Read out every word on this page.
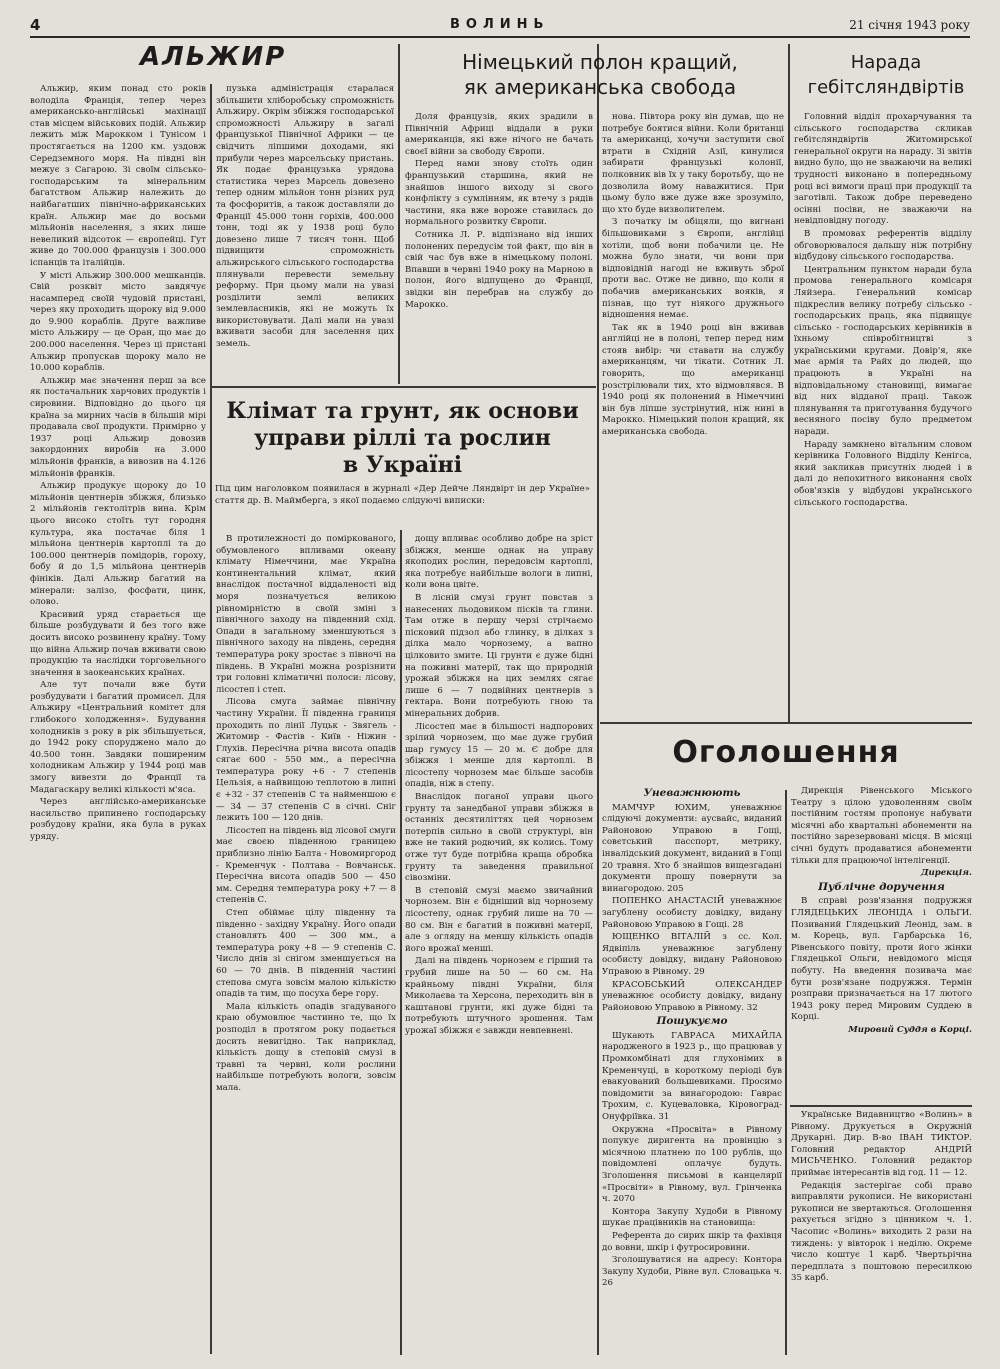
4	ВОЛИНЬ	21 січня 1943 року
АЛЬЖИР

Альжир, яким понад сто років володіла Франція, тепер через американсько-англійські махінації став місцем військових подій. Альжир лежить між Марокком і Тунісом і простягається на 1200 км. уздовж Середземного моря. На півдні він межує з Сагарою. Зі своїм сільсько-господарським та мінеральним багатством Альжир належить до найбагатших північно-африканських країн. Альжир має до восьми мільйонів населення, з яких лише невеликий відсоток — європейці. Гут живе до 700.000 французів і 300.000 іспанців та італійців.

У місті Альжир 300.000 мешканців. Свій розквіт місто завдячує насамперед своїй чудовій пристані, через яку проходить щороку від 9.000 до 9.900 кораблів. Друге важливе місто Альжиру — це Оран, що має до 200.000 населення. Через ці пристані Альжир пропускав щороку мало не 10.000 кораблів.

Альжир має значення перш за все як постачальник харчових продуктів і сировини. Відповідно до цього ця країна за мирних часів в більшій мірі продавала свої продукти. Примірно у 1937 році Альжир довозив закордонних виробів на 3.000 мільйонів франків, а вивозив на 4.126 мільйонів франків.

Альжир продукує щороку до 10 мільйонів центнерів збіжжя, близько 2 мільйонів гектолітрів вина. Крім цього високо стоїть тут городня культура, яка постачає біля 1 мільйона центнерів картоплі та до 100.000 центнерів помідорів, гороху, бобу й до 1,5 мільйона центнерів фініків. Далі Альжир багатий на мінерали: залізо, фосфати, цинк, олово.

Красивий уряд старається ще більше розбудувати й без того вже досить високо розвинену країну. Тому що війна Альжир почав вживати свою продукцію та наслідки торговельного значення в заокеанських країнах.

Але тут почали вже бути розбудувати і багатий промисел. Для Альжиру «Центральний комітет для глибокого холодження». Будування холодників з року в рік збільшується, до 1942 року споруджено мало до 40.500 тонн. Завдяки поширеним холодникам Альжир у 1944 році мав змогу вивезти до Франції та Мадагаскару великі кількості м'яса.

Через англійсько-американське насильство припинено господарську розбудову країни, яка була в руках уряду.

пузька адміністрація старалася збільшити хліборобську спроможність Альжиру. Окрім збіжжя господарської спроможності Альжиру в загалі французької Північної Африки — це свідчить ліпшими доходами, які прибули через марсельську пристань. Як подає французька урядова статистика через Марсель довезено тепер одним мільйон тонн різних руд та фосфоритів, а також доставляли до Франції 45.000 тонн горіхів, 400.000 тонн, тоді як у 1938 році було довезено лише 7 тисяч тонн. Щоб підвищити спроможність альжирського сільського господарства плянували перевести земельну реформу. При цьому мали на увазі розділити землі великих землевласників, які не можуть їх використовувати. Далі мали на увазі вживати засоби для заселення цих земель.

Німецький полон кращий,
як американська свобода

Доля французів, яких зрадили в Північній Африці віддали в руки американців, які вже нічого не бачать своєї війни за свободу Європи.

Перед нами знову стоїть один французький старшина, який не знайшов іншого виходу зі свого конфлікту з сумлінням, як втечу з рядів частини, яка вже вороже ставилась до нормального розвитку Європи.

Сотника Л. Р. відпізнано від інших полонених передусім той факт, що він в свій час був вже в німецькому полоні. Впавши в червні 1940 року на Марною в полон, його відпущено до Франції, звідки він перебрав на службу до Марокко.

нова. Півтора року він думав, що не потребує боятися війни. Коли британці та американці, хочучи заступити свої втрати в Східній Азії, кинулися забирати французькі колонії, полковник вів їх у таку боротьбу, що не дозволила йому наважитися. При цьому було вже дуже вже зрозуміло, що хто буде визволителем.

З початку ім обіцяли, що вигнані більшовиками з Європи, англійці хотіли, щоб вони побачили це. Не можна було знати, чи вони при відповідній нагоді не вживуть зброї проти вас. Отже не дивно, що коли я побачив американських вояків, я пізнав, що тут ніякого дружнього відношення немає.

Так як в 1940 році він вживав англійці не в полоні, тепер перед ним стояв вибір: чи ставати на службу американцям, чи тікати. Сотник Л. говорить, що американці розстрілювали тих, хто відмовлявся. В 1940 році як полонений в Німеччині він був ліпше зустрінутий, ніж нині в Марокко. Німецький полон кращий, як американська свобода.

Нарада
гебітсляндвіртів

Головний відділ прохарчування та сільського господарства скликав гебітсляндвіртів Житомирської генеральної округи на нараду. Зі звітів видно було, що не зважаючи на великі трудності виконано в попередньому році всі вимоги праці при продукції та заготівлі. Також добре переведено осінні посіви, не зважаючи на невідповідну погоду.

В промовах референтів відділу обговорювалося дальшу ніж потрібну відбудову сільського господарства.

Центральним пунктом наради була промова генерального комісаря Ляйзера. Генеральний комісар підкреслив велику потребу сільсько - господарських праць, яка підвищує сільсько - господарських керівників в їхньому співробітництві з українськими кругами. Довір'я, яке має армія та Райх до людей, що працюють в Україні на відповідальному становищі, вимагає від них відданої праці. Також плянування та приготування будучого весняного посіву було предметом наради.

Нараду замкнено вітальним словом керівника Головного Відділу Кенігса, який закликав присутніх людей і в далі до непохитного виконання своїх обов'язків у відбудові українського сільського господарства.

Клімат та грунт, як основи
управи ріллі та рослин
в Україні
Під цим наголовком появилася в журналі «Дер Дейче Ляндвірт ін дер Україне» стаття др. В. Маймберга, з якої подаємо слідуючі виписки:

В протилежності до поміркованого, обумовленого впливами океану клімату Німеччини, має Україна континентальний клімат, який внаслідок постачної віддаленості від моря позначується великою рівномірністю в своїй зміні з північного заходу на південний схід. Опади в загальному зменшуються з північного заходу на південь, середня температура року зростає з півночі на південь. В Україні можна розрізнити три головні кліматичні полоси: лісову, лісостеп і степ.

Лісова смуга займає північну частину України. Її південна границя проходить по лінії Луцьк - Звягель - Житомир - Фастів - Київ - Ніжин - Глухів. Пересічна річна висота опадів сягає 600 - 550 мм., а пересічна температура року +6 - 7 степенів Цельзія, а найвищою теплотою в липні є +32 - 37 степенів С та найменшою є — 34 — 37 степенів С в січні. Сніг лежить 100 — 120 днів.

Лісостеп на південь від лісової смуги має своєю південною границею приблизно лінію Балта - Новомиргород - Кременчук - Полтава - Вовчанськ. Пересічна висота опадів 500 — 450 мм. Середня температура року +7 — 8 степенів С.

Степ обіймає цілу південну та південно - західну Україну. Його опади становлять 400 — 300 мм., а температура року +8 — 9 степенів С. Число днів зі снігом зменшується на 60 — 70 днів. В південній частині степова смуга зовсім малою кількістю опадів та тим, що посуха бере гору.

Мала кількість опадів згадуваного краю обумовлює частинно те, що їх розподіл в протягом року подається досить невигідно. Так наприклад, кількість дощу в степовій смузі в травні та червні, коли рослини найбільше потребують вологи, зовсім мала.

дощу впливає особливо добре на зріст збіжжя, менше однак на управу якоподих рослин, передовсім картоплі, яка потребує найбільше вологи в липні, коли вона цвіте.

В лісній смузі грунт повстав з нанесених льодовиком пісків та глини. Там отже в першу черзі стрічаємо пісковий підзол або глинку, в ділках з ділка мало чорнозему, а вапно цілковито змите. Ці грунти є дуже бідні на поживні матерії, так що природній урожай збіжжя на цих землях сягає лише 6 — 7 подвійних центнерів з гектара. Вони потребують гною та мінеральних добрив.

Лісостеп має в більшості надпорових зрілий чорнозем, що має дуже грубий шар гумусу 15 — 20 м. Є добре для збіжжя і менше для картоплі. В лісостепу чорнозем має більше засобів опадів, ніж в степу.

Внаслідок поганої управи цього грунту та занедбаної управи збіжжя в останніх десятиліттях цей чорнозем потерпів сильно в своїй структурі, він вже не такий родючий, як колись. Тому отже тут буде потрібна краща обробка грунту та заведення правильної сівозміни.

В степовій смузі маємо звичайний чорнозем. Він є бідніший від чорнозему лісостепу, однак грубий лише на 70 — 80 см. Він є багатий в поживні матерії, але з огляду на меншу кількість опадів його врожаї менші.

Далі на південь чорнозем є гірший та грубий лише на 50 — 60 см. На крайньому півдні України, біля Миколаєва та Херсона, переходить він в каштанові грунти, які дуже бідні та потребують штучного зрошення. Там урожаї збіжжя є завжди невпевнені.

Оголошення
Уневажнюють

МАМЧУР ЮХИМ, уневажнює слідуючі документи: аусвайс, виданий Районовою Управою в Гощі, совєтський пасспорт, метрику, інвалідський документ, виданий в Гощі 20 травня. Хто б знайшов вищезгадані документи прошу повернути за винагородою. 205

ПОПЕНКО АНАСТАСІЙ уневажнює загублену особисту довідку, видану Районовою Управою в Гощі. 28

ЮЩЕНКО ВІТАЛІЙ з сс. Кол. Ядвіпіль уневажнює загублену особисту довідку, видану Районовою Управою в Рівному. 29

КРАСОБСЬКИЙ ОЛЕКСАНДЕР уневажнює особисту довідку, видану Районовою Управою в Рівному. 32

Пошукуємо

Шукають ГАВРАСА МИХАЙЛА народженого в 1923 р., що працював у Промкомбінаті для глухонімих в Кременчуці, в короткому періоді був евакуований большевиками. Просимо повідомити за винагородою: Гаврас Трохим, с. Куцеваловка, Кіровоград-Онуфріївка. 31

Окружна «Просвіта» в Рівному попукує диригента на провінцію з місячною платнею по 100 рублів, що повідомлені оплачує будуть. Зголошення письмові в канцелярії «Просвіти» в Рівному, вул. Грінченка ч. 2070

Контора Закупу Худоби в Рівному шукає працівників на становища:

Референта до сирих шкір та фахівця до вовни, шкір і футросировини.

Зголошуватися на адресу: Контора Закупу Худоби, Рівне вул. Словацька ч. 26

Дирекція Рівенського Міського Театру з цілою удоволенням своїм постійним гостям пропонує набувати місячні або квартальні абонементи на постійно зарезервовані місця. В місяці січні будуть продаватися абонементи тільки для працюючої інтелігенції.

Дирекція.
Публічне доручення

В справі розв'язання подружжя ГЛЯДЕЦЬКИХ ЛЕОНІДА і ОЛЬГИ. Позиваний Глядецький Леонід, зам. в м. Корець, вул. Гарбарська 16, Рівенського повіту, проти його жінки Глядецької Ольги, невідомого місця побуту. На введення позивача має бути розв'язане подружжя. Термін розправи призначається на 17 лютого 1943 року перед Мировим Суддею в Корці.

Мировий Суддя в Корці.

Українське Видавництво «Волинь» в Рівному. Друкується в Окружній Друкарні. Дир. В-во ІВАН ТИКТОР. Головний редактор АНДРІЙ МИСЬЧЕНКО. Головний редактор приймає інтересантів від год. 11 — 12.

Редакція застерігає собі право виправляти рукописи. Не використані рукописи не звертаються. Оголошення рахується згідно з цінником ч. 1. Часопис «Волинь» виходить 2 рази на тиждень: у вівторок і неділю. Окреме число коштує 1 карб. Чвертьрічна передплата з поштовою пересилкою 35 карб.
